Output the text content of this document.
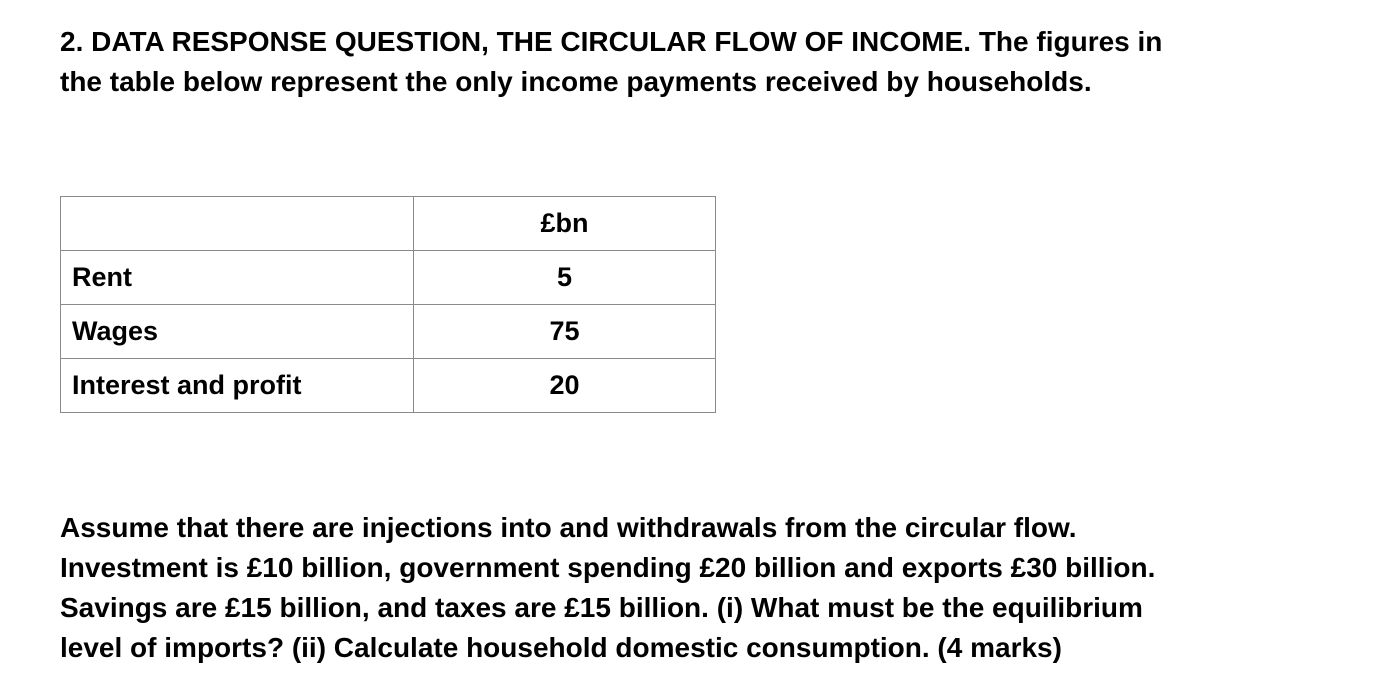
2. DATA RESPONSE QUESTION, THE CIRCULAR FLOW OF INCOME. The figures in
the table below represent the only income payments received by households.
	£bn
Rent	5
Wages	75
Interest and profit	20
Assume that there are injections into and withdrawals from the circular flow.
Investment is £10 billion, government spending £20 billion and exports £30 billion.
Savings are £15 billion, and taxes are £15 billion. (i) What must be the equilibrium
level of imports? (ii) Calculate household domestic consumption. (4 marks)
